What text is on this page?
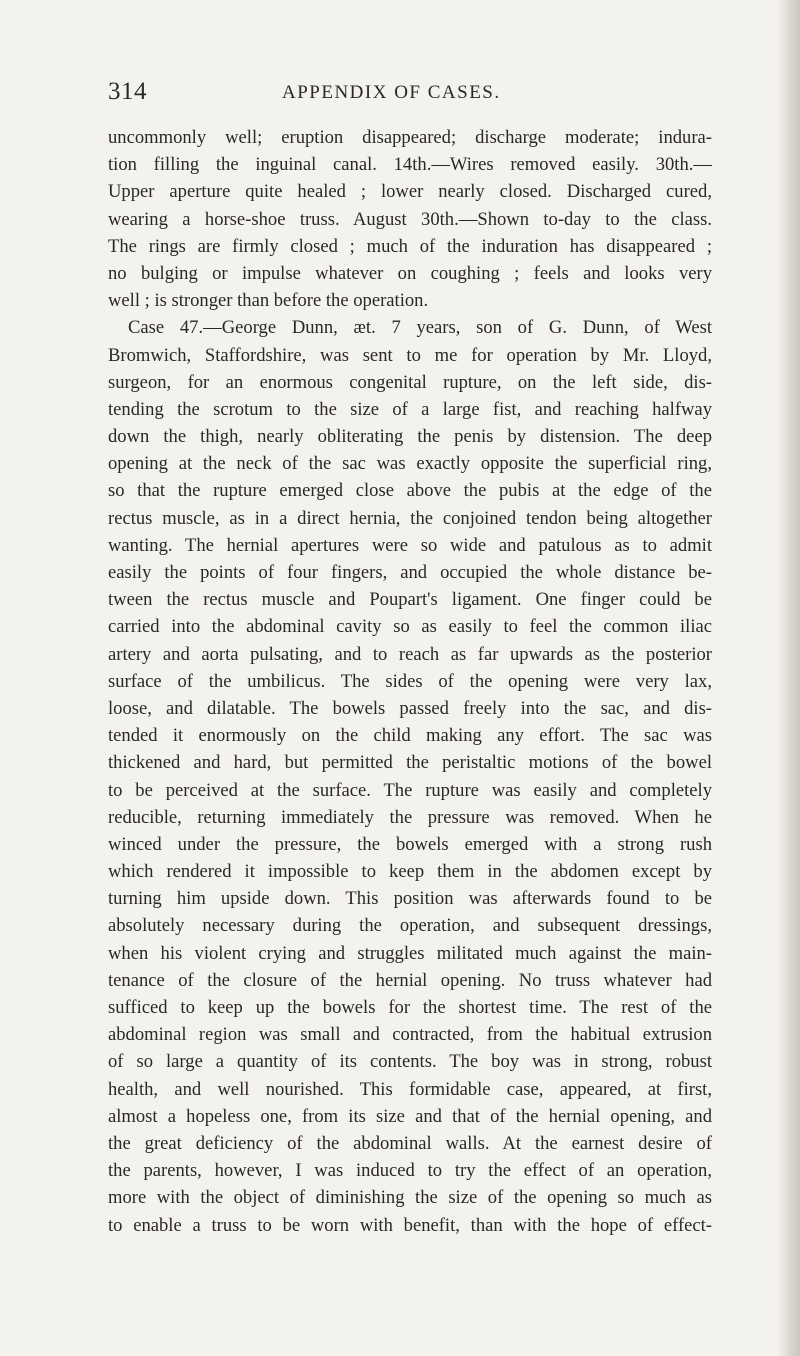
314	APPENDIX OF CASES.
uncommonly well; eruption disappeared; discharge moderate; indura-
tion filling the inguinal canal. 14th.—Wires removed easily. 30th.—
Upper aperture quite healed ; lower nearly closed. Discharged cured,
wearing a horse-shoe truss. August 30th.—Shown to-day to the class.
The rings are firmly closed ; much of the induration has disappeared ;
no bulging or impulse whatever on coughing ; feels and looks very
well ; is stronger than before the operation.
Case 47.—George Dunn, æt. 7 years, son of G. Dunn, of West
Bromwich, Staffordshire, was sent to me for operation by Mr. Lloyd,
surgeon, for an enormous congenital rupture, on the left side, dis-
tending the scrotum to the size of a large fist, and reaching halfway
down the thigh, nearly obliterating the penis by distension. The deep
opening at the neck of the sac was exactly opposite the superficial ring,
so that the rupture emerged close above the pubis at the edge of the
rectus muscle, as in a direct hernia, the conjoined tendon being altogether
wanting. The hernial apertures were so wide and patulous as to admit
easily the points of four fingers, and occupied the whole distance be-
tween the rectus muscle and Poupart's ligament. One finger could be
carried into the abdominal cavity so as easily to feel the common iliac
artery and aorta pulsating, and to reach as far upwards as the posterior
surface of the umbilicus. The sides of the opening were very lax,
loose, and dilatable. The bowels passed freely into the sac, and dis-
tended it enormously on the child making any effort. The sac was
thickened and hard, but permitted the peristaltic motions of the bowel
to be perceived at the surface. The rupture was easily and completely
reducible, returning immediately the pressure was removed. When he
winced under the pressure, the bowels emerged with a strong rush
which rendered it impossible to keep them in the abdomen except by
turning him upside down. This position was afterwards found to be
absolutely necessary during the operation, and subsequent dressings,
when his violent crying and struggles militated much against the main-
tenance of the closure of the hernial opening. No truss whatever had
sufficed to keep up the bowels for the shortest time. The rest of the
abdominal region was small and contracted, from the habitual extrusion
of so large a quantity of its contents. The boy was in strong, robust
health, and well nourished. This formidable case, appeared, at first,
almost a hopeless one, from its size and that of the hernial opening, and
the great deficiency of the abdominal walls. At the earnest desire of
the parents, however, I was induced to try the effect of an operation,
more with the object of diminishing the size of the opening so much as
to enable a truss to be worn with benefit, than with the hope of effect-
